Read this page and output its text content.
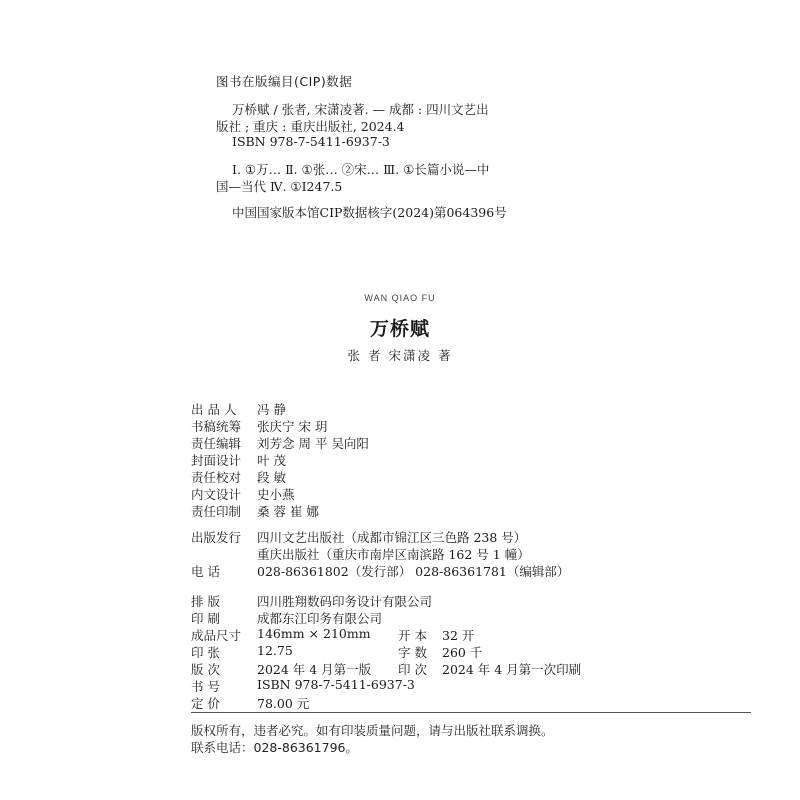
图书在版编目(CIP)数据
万桥赋 / 张者, 宋潇凌著. — 成都 : 四川文艺出
版社 ; 重庆 : 重庆出版社, 2024.4
ISBN 978-7-5411-6937-3
Ⅰ. ①万… Ⅱ. ①张… ②宋… Ⅲ. ①长篇小说—中
国—当代 Ⅳ. ①I247.5
中国国家版本馆CIP数据核字(2024)第064396号
WAN QIAO FU
万桥赋
张 者 宋潇凌 著
出 品 人	冯 静
书稿统筹	张庆宁 宋 玥
责任编辑	刘芳念 周 平 吴向阳
封面设计	叶 茂
责任校对	段 敏
内文设计	史小燕
责任印制	桑 蓉 崔 娜
出版发行	四川文艺出版社（成都市锦江区三色路 238 号）
重庆出版社（重庆市南岸区南滨路 162 号 1 幢）
电 话	028-86361802（发行部） 028-86361781（编辑部）
排 版	四川胜翔数码印务设计有限公司
印 刷	成都东江印务有限公司
成品尺寸	146mm × 210mm 开 本 32 开
印 张	12.75	字 数 260 千
版 次	2024 年 4 月第一版 印 次 2024 年 4 月第一次印刷
书 号	ISBN 978-7-5411-6937-3
定 价	78.00 元
版权所有，违者必究。如有印装质量问题，请与出版社联系调换。
联系电话：028-86361796。
